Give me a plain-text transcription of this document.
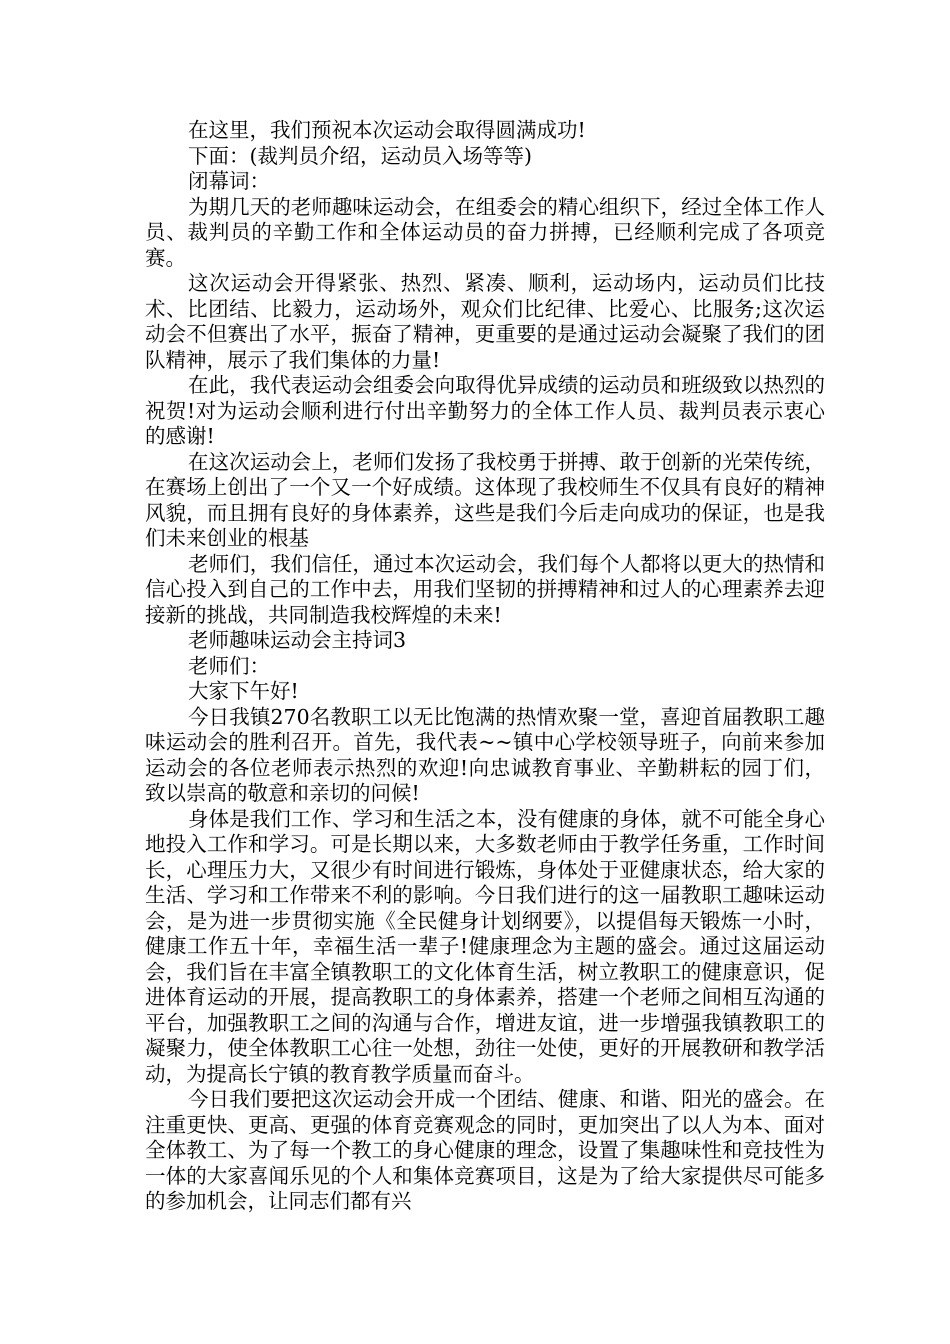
在这里，我们预祝本次运动会取得圆满成功!

下面：(裁判员介绍，运动员入场等等)

闭幕词：

为期几天的老师趣味运动会，在组委会的精心组织下，经过全体工作人员、裁判员的辛勤工作和全体运动员的奋力拼搏，已经顺利完成了各项竞赛。

这次运动会开得紧张、热烈、紧凑、顺利，运动场内，运动员们比技术、比团结、比毅力，运动场外，观众们比纪律、比爱心、比服务;这次运动会不但赛出了水平，振奋了精神，更重要的是通过运动会凝聚了我们的团队精神，展示了我们集体的力量!

在此，我代表运动会组委会向取得优异成绩的运动员和班级致以热烈的祝贺!对为运动会顺利进行付出辛勤努力的全体工作人员、裁判员表示衷心的感谢!

在这次运动会上，老师们发扬了我校勇于拼搏、敢于创新的光荣传统，在赛场上创出了一个又一个好成绩。这体现了我校师生不仅具有良好的精神风貌，而且拥有良好的身体素养，这些是我们今后走向成功的保证，也是我们未来创业的根基

老师们，我们信任，通过本次运动会，我们每个人都将以更大的热情和信心投入到自己的工作中去，用我们坚韧的拼搏精神和过人的心理素养去迎接新的挑战，共同制造我校辉煌的未来!

老师趣味运动会主持词3

老师们：

大家下午好!

今日我镇270名教职工以无比饱满的热情欢聚一堂，喜迎首届教职工趣味运动会的胜利召开。首先，我代表~~镇中心学校领导班子，向前来参加运动会的各位老师表示热烈的欢迎!向忠诚教育事业、辛勤耕耘的园丁们，致以崇高的敬意和亲切的问候!

身体是我们工作、学习和生活之本，没有健康的身体，就不可能全身心地投入工作和学习。可是长期以来，大多数老师由于教学任务重，工作时间长，心理压力大，又很少有时间进行锻炼，身体处于亚健康状态，给大家的生活、学习和工作带来不利的影响。今日我们进行的这一届教职工趣味运动会，是为进一步贯彻实施《全民健身计划纲要》，以提倡每天锻炼一小时，健康工作五十年，幸福生活一辈子!健康理念为主题的盛会。通过这届运动会，我们旨在丰富全镇教职工的文化体育生活，树立教职工的健康意识，促进体育运动的开展，提高教职工的身体素养，搭建一个老师之间相互沟通的平台，加强教职工之间的沟通与合作，增进友谊，进一步增强我镇教职工的凝聚力，使全体教职工心往一处想，劲往一处使，更好的开展教研和教学活动，为提高长宁镇的教育教学质量而奋斗。

今日我们要把这次运动会开成一个团结、健康、和谐、阳光的盛会。在注重更快、更高、更强的体育竞赛观念的同时，更加突出了以人为本、面对全体教工、为了每一个教工的身心健康的理念，设置了集趣味性和竞技性为一体的大家喜闻乐见的个人和集体竞赛项目，这是为了给大家提供尽可能多的参加机会，让同志们都有兴
